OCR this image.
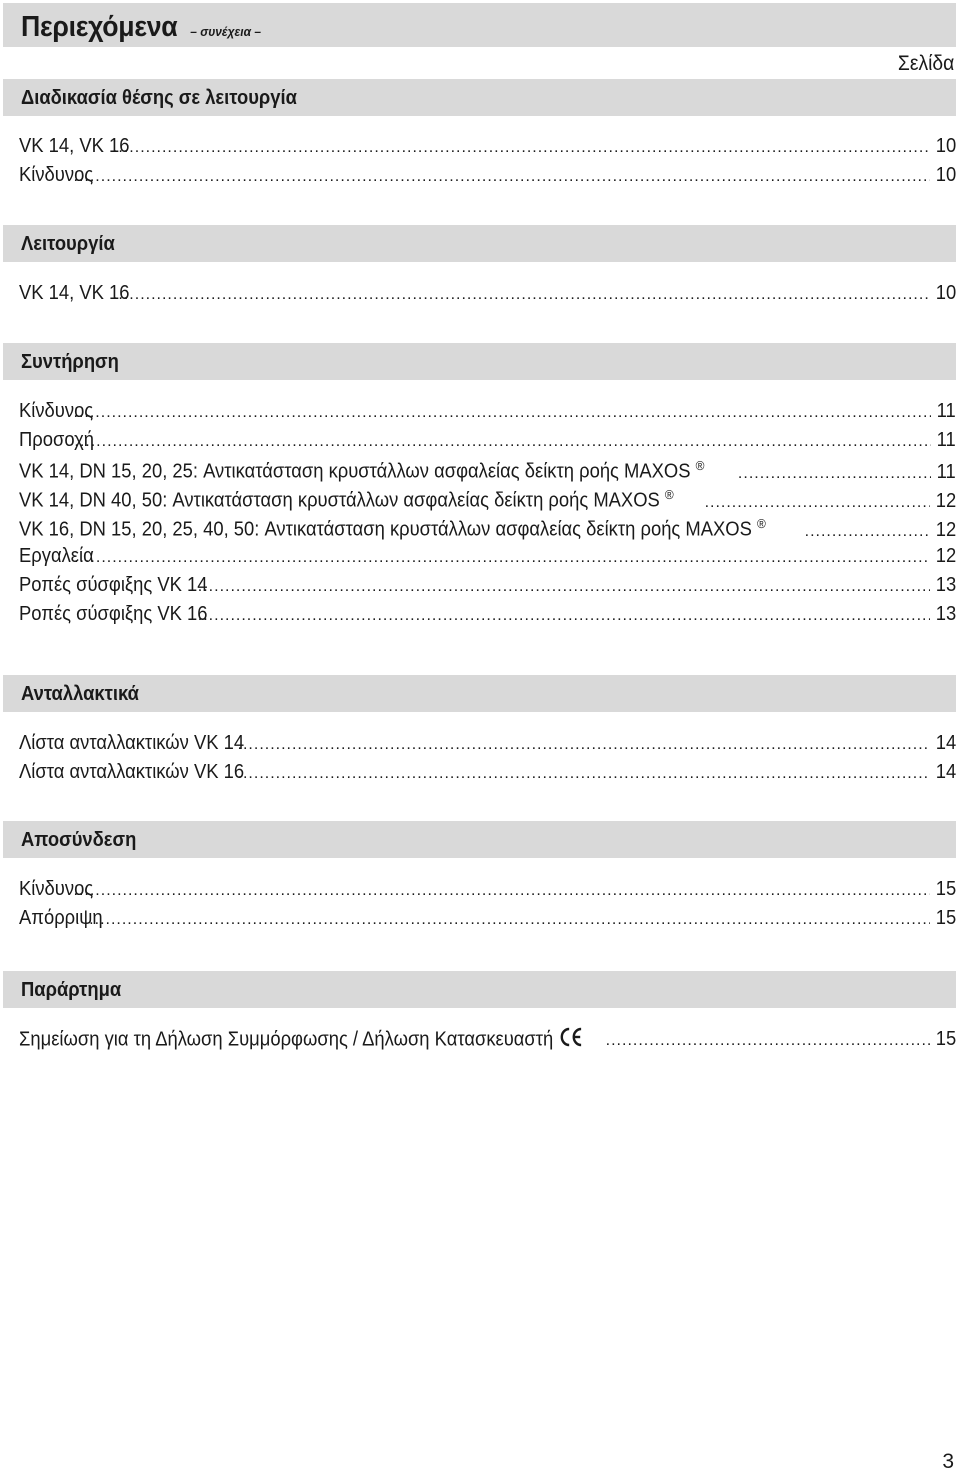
Περιεχόμενα – συνέχεια –
Σελίδα
Διαδικασία θέσης σε λειτουργία
VK 14, VK 16 .....	10
Κίνδυνος .....	10
Λειτουργία
VK 14, VK 16 .....	10
Συντήρηση
Κίνδυνος .....	11
Προσοχή .....	11
VK 14, DN 15, 20, 25: Αντικατάσταση κρυστάλλων ασφαλείας δείκτη ροής MAXOS ® .....	11
VK 14, DN 40, 50: Αντικατάσταση κρυστάλλων ασφαλείας δείκτη ροής MAXOS ® .....	12
VK 16, DN 15, 20, 25, 40, 50: Αντικατάσταση κρυστάλλων ασφαλείας δείκτη ροής MAXOS ® .....	12
Εργαλεία .....	12
Ροπές σύσφιξης VK 14 .....	13
Ροπές σύσφιξης VK 16 .....	13
Ανταλλακτικά
Λίστα ανταλλακτικών VK 14 .....	14
Λίστα ανταλλακτικών VK 16 .....	14
Αποσύνδεση
Κίνδυνος .....	15
Απόρριψη .....	15
Παράρτημα
Σημείωση για τη Δήλωση Συμμόρφωσης / Δήλωση Κατασκευαστή .....	15
3
